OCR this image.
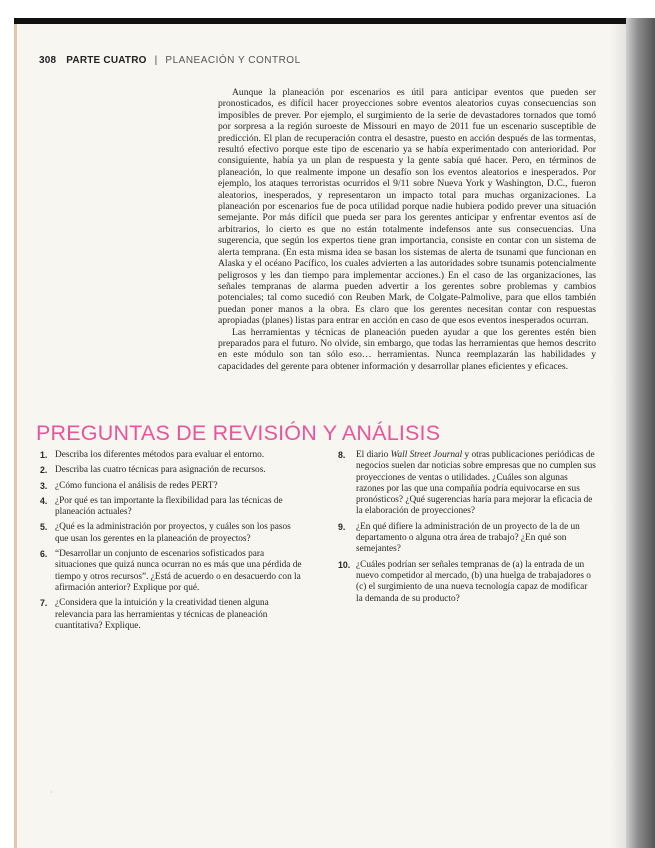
308 PARTE CUATRO | PLANEACIÓN Y CONTROL

Aunque la planeación por escenarios es útil para anticipar eventos que pueden ser pronosticados, es difícil hacer proyecciones sobre eventos aleatorios cuyas consecuencias son imposibles de prever. Por ejemplo, el surgimiento de la serie de devastadores tornados que tomó por sorpresa a la región suroeste de Missouri en mayo de 2011 fue un escenario susceptible de predicción. El plan de recuperación contra el desastre, puesto en acción después de las tormentas, resultó efectivo porque este tipo de escenario ya se había experimentado con anterioridad. Por consiguiente, había ya un plan de respuesta y la gente sabía qué hacer. Pero, en términos de planeación, lo que realmente impone un desafío son los eventos aleatorios e inesperados. Por ejemplo, los ataques terroristas ocurridos el 9/11 sobre Nueva York y Washington, D.C., fueron aleatorios, inesperados, y representaron un impacto total para muchas organizaciones. La planeación por escenarios fue de poca utilidad porque nadie hubiera podido prever una situación semejante. Por más difícil que pueda ser para los gerentes anticipar y enfrentar eventos así de arbitrarios, lo cierto es que no están totalmente indefensos ante sus consecuencias. Una sugerencia, que según los expertos tiene gran importancia, consiste en contar con un sistema de alerta temprana. (En esta misma idea se basan los sistemas de alerta de tsunami que funcionan en Alaska y el océano Pacífico, los cuales advierten a las autoridades sobre tsunamis potencialmente peligrosos y les dan tiempo para implementar acciones.) En el caso de las organizaciones, las señales tempranas de alarma pueden advertir a los gerentes sobre problemas y cambios potenciales; tal como sucedió con Reuben Mark, de Colgate-Palmolive, para que ellos también puedan poner manos a la obra. Es claro que los gerentes necesitan contar con respuestas apropiadas (planes) listas para entrar en acción en caso de que esos eventos inesperados ocurran.

Las herramientas y técnicas de planeación pueden ayudar a que los gerentes estén bien preparados para el futuro. No olvide, sin embargo, que todas las herramientas que hemos descrito en este módulo son tan sólo eso… herramientas. Nunca reemplazarán las habilidades y capacidades del gerente para obtener información y desarrollar planes eficientes y eficaces.

PREGUNTAS DE REVISIÓN Y ANÁLISIS
1. Describa los diferentes métodos para evaluar el entorno.
2. Describa las cuatro técnicas para asignación de recursos.
3. ¿Cómo funciona el análisis de redes PERT?
4. ¿Por qué es tan importante la flexibilidad para las técnicas de planeación actuales?
5. ¿Qué es la administración por proyectos, y cuáles son los pasos que usan los gerentes en la planeación de proyectos?
6. “Desarrollar un conjunto de escenarios sofisticados para situaciones que quizá nunca ocurran no es más que una pérdida de tiempo y otros recursos”. ¿Está de acuerdo o en desacuerdo con la afirmación anterior? Explique por qué.
7. ¿Considera que la intuición y la creatividad tienen alguna relevancia para las herramientas y técnicas de planeación cuantitativa? Explique.
8.	El diario Wall Street Journal y otras publicaciones periódicas de negocios suelen dar noticias sobre empresas que no cumplen sus proyecciones de ventas o utilidades. ¿Cuáles son algunas razones por las que una compañía podría equivocarse en sus pronósticos? ¿Qué sugerencias haría para mejorar la eficacia de la elaboración de proyecciones?
9.	¿En qué difiere la administración de un proyecto de la de un departamento o alguna otra área de trabajo? ¿En qué son semejantes?
10. ¿Cuáles podrían ser señales tempranas de (a) la entrada de un nuevo competidor al mercado, (b) una huelga de trabajadores o (c) el surgimiento de una nueva tecnología capaz de modificar la demanda de su producto?
·
